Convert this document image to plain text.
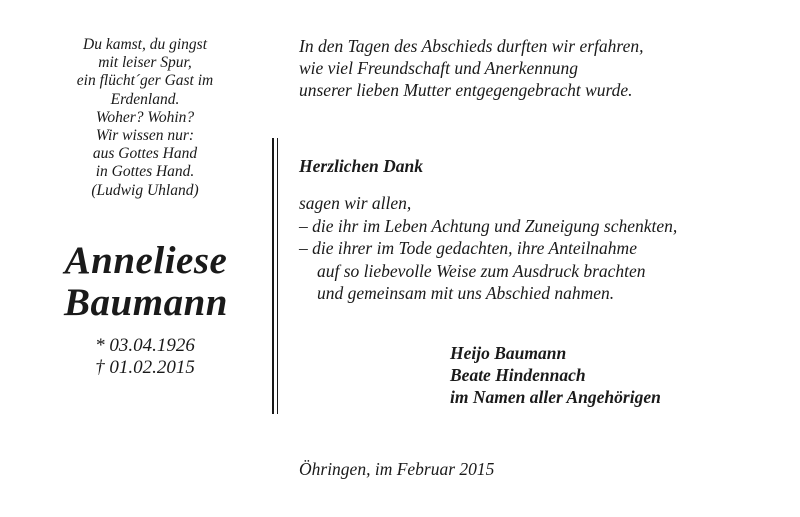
Du kamst, du gingst
mit leiser Spur,
ein flücht´ger Gast im
Erdenland.
Woher? Wohin?
Wir wissen nur:
aus Gottes Hand
in Gottes Hand.
(Ludwig Uhland)
Anneliese
Baumann
* 03.04.1926
† 01.02.2015
In den Tagen des Abschieds durften wir erfahren,
wie viel Freundschaft und Anerkennung
unserer lieben Mutter entgegengebracht wurde.
Herzlichen Dank
sagen wir allen,
– die ihr im Leben Achtung und Zuneigung schenkten,
– die ihrer im Tode gedachten, ihre Anteilnahme
auf so liebevolle Weise zum Ausdruck brachten
und gemeinsam mit uns Abschied nahmen.
Heijo Baumann
Beate Hindennach
im Namen aller Angehörigen
Öhringen, im Februar 2015
